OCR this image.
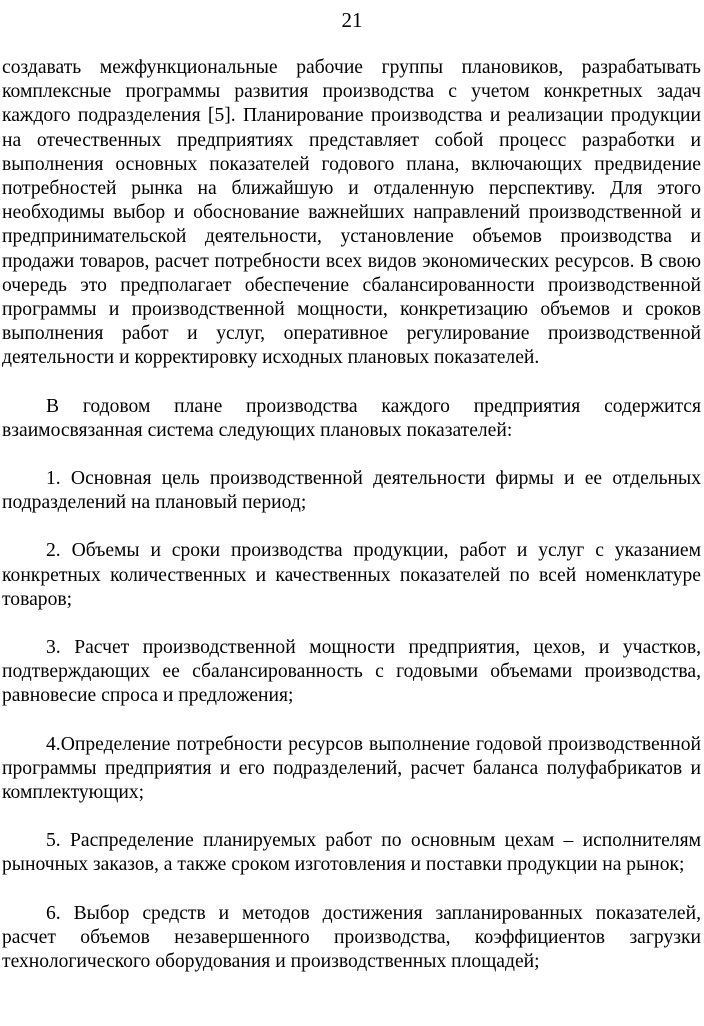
21

создавать межфункциональные рабочие группы плановиков, разрабатывать комплексные программы развития производства с учетом конкретных задач каждого подразделения [5]. Планирование производства и реализации продукции на отечественных предприятиях представляет собой процесс разработки и выполнения основных показателей годового плана, включающих предвидение потребностей рынка на ближайшую и отдаленную перспективу. Для этого необходимы выбор и обоснование важнейших направлений производственной и предпринимательской деятельности, установление объемов производства и продажи товаров, расчет потребности всех видов экономических ресурсов. В свою очередь это предполагает обеспечение сбалансированности производственной программы и производственной мощности, конкретизацию объемов и сроков выполнения работ и услуг, оперативное регулирование производственной деятельности и корректировку исходных плановых показателей.

В годовом плане производства каждого предприятия содержится взаимосвязанная система следующих плановых показателей:

1. Основная цель производственной деятельности фирмы и ее отдельных подразделений на плановый период;

2. Объемы и сроки производства продукции, работ и услуг с указанием конкретных количественных и качественных показателей по всей номенклатуре товаров;

3. Расчет производственной мощности предприятия, цехов, и участков, подтверждающих ее сбалансированность с годовыми объемами производства, равновесие спроса и предложения;

4.Определение потребности ресурсов выполнение годовой производственной программы предприятия и его подразделений, расчет баланса полуфабрикатов и комплектующих;

5. Распределение планируемых работ по основным цехам – исполнителям рыночных заказов, а также сроком изготовления и поставки продукции на рынок;

6. Выбор средств и методов достижения запланированных показателей, расчет объемов незавершенного производства, коэффициентов загрузки технологического оборудования и производственных площадей;
